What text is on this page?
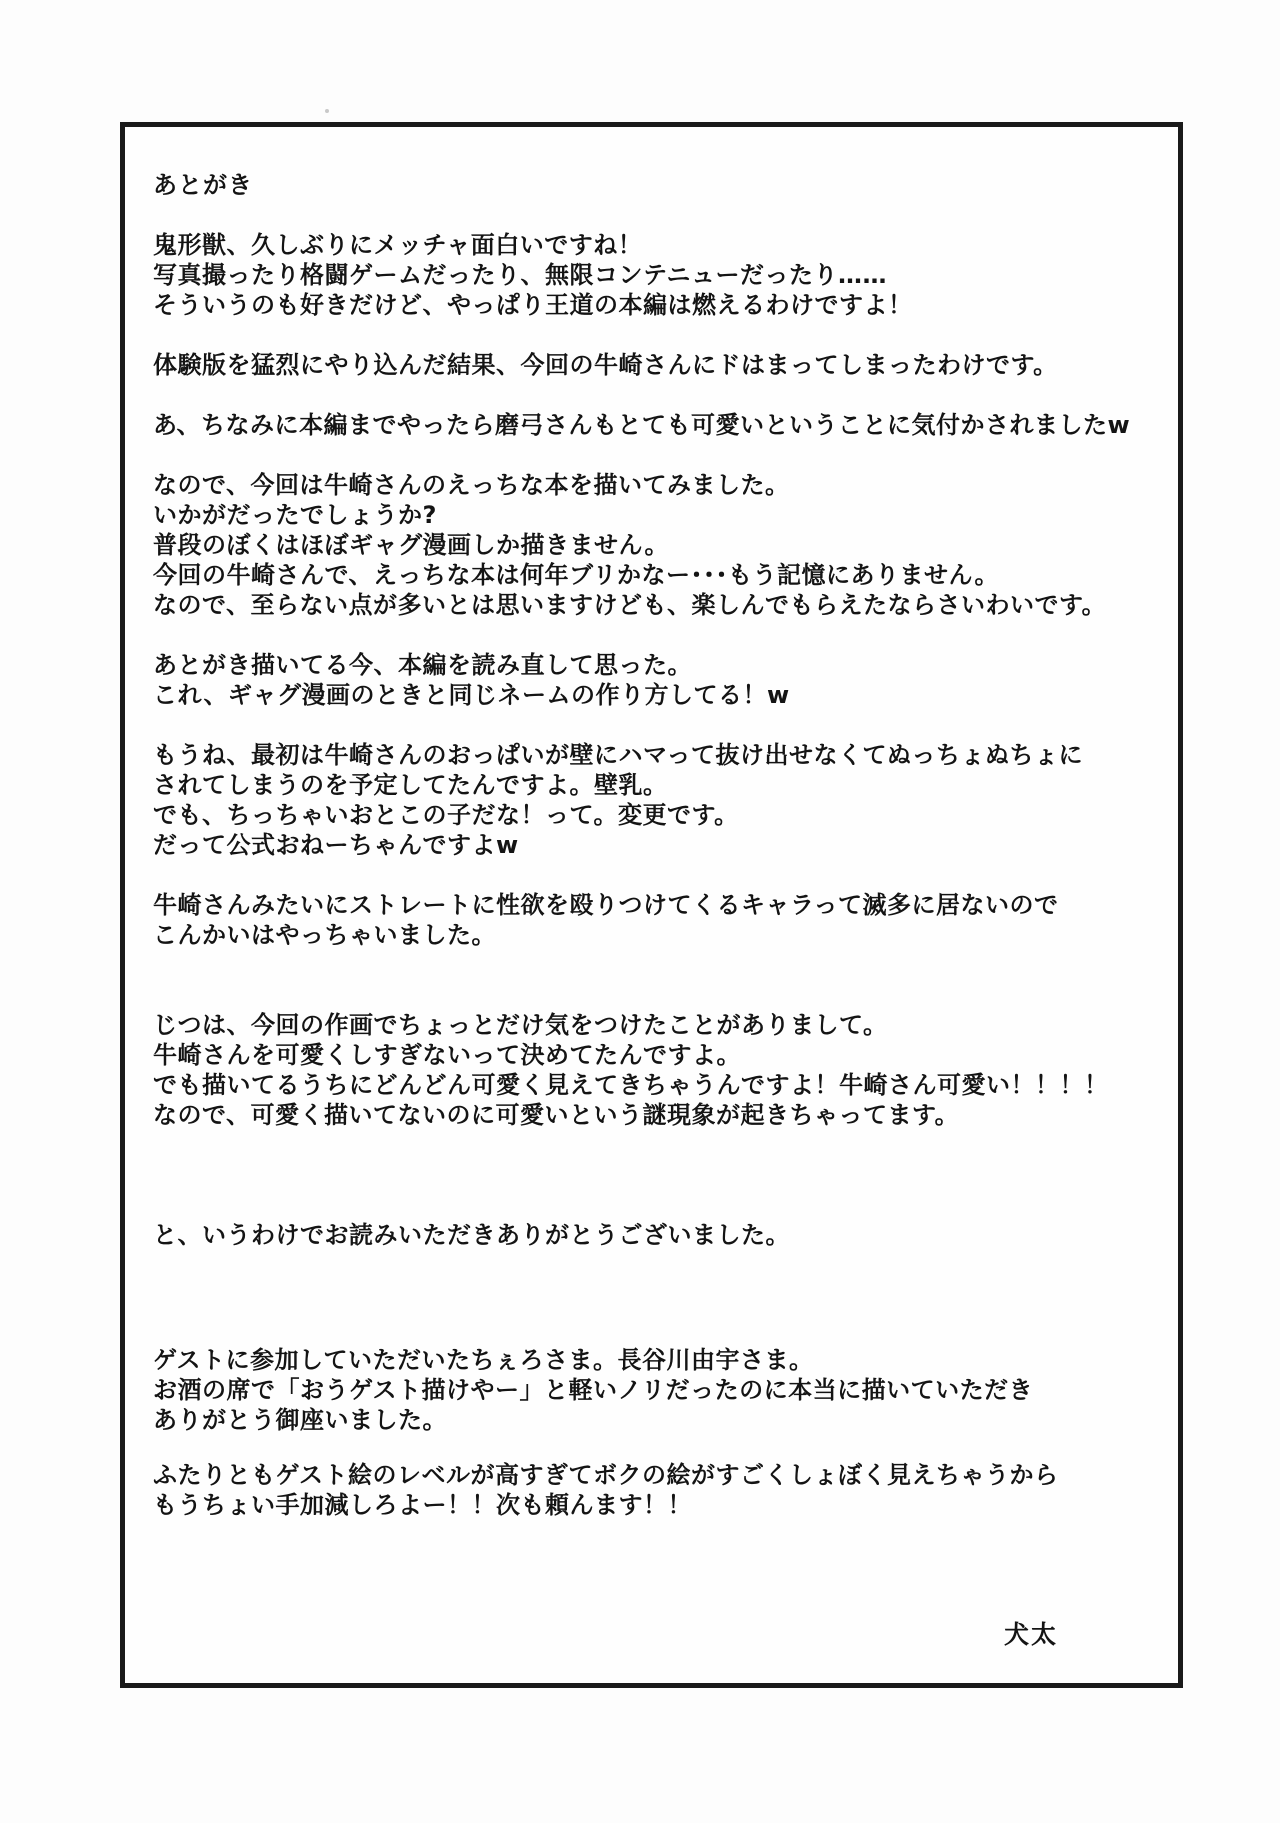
あとがき
鬼形獣、久しぶりにメッチャ面白いですね！
写真撮ったり格闘ゲームだったり、無限コンテニューだったり……
そういうのも好きだけど、やっぱり王道の本編は燃えるわけですよ！
体験版を猛烈にやり込んだ結果、今回の牛崎さんにドはまってしまったわけです。
あ、ちなみに本編までやったら磨弓さんもとても可愛いということに気付かされましたw
なので、今回は牛崎さんのえっちな本を描いてみました。
いかがだったでしょうか?
普段のぼくはほぼギャグ漫画しか描きません。
今回の牛崎さんで、えっちな本は何年ブリかなー･･･もう記憶にありません。
なので、至らない点が多いとは思いますけども、楽しんでもらえたならさいわいです。
あとがき描いてる今、本編を読み直して思った。
これ、ギャグ漫画のときと同じネームの作り方してる！w
もうね、最初は牛崎さんのおっぱいが壁にハマって抜け出せなくてぬっちょぬちょに
されてしまうのを予定してたんですよ。壁乳。
でも、ちっちゃいおとこの子だな！って。変更です。
だって公式おねーちゃんですよw
牛崎さんみたいにストレートに性欲を殴りつけてくるキャラって滅多に居ないので
こんかいはやっちゃいました。
じつは、今回の作画でちょっとだけ気をつけたことがありまして。
牛崎さんを可愛くしすぎないって決めてたんですよ。
でも描いてるうちにどんどん可愛く見えてきちゃうんですよ！牛崎さん可愛い！！！！
なので、可愛く描いてないのに可愛いという謎現象が起きちゃってます。
と、いうわけでお読みいただきありがとうございました。
ゲストに参加していただいたちぇろさま。長谷川由宇さま。
お酒の席で「おうゲスト描けやー」と軽いノリだったのに本当に描いていただき
ありがとう御座いました。
ふたりともゲスト絵のレベルが高すぎてボクの絵がすごくしょぼく見えちゃうから
もうちょい手加減しろよー！！次も頼んます！！
犬太
